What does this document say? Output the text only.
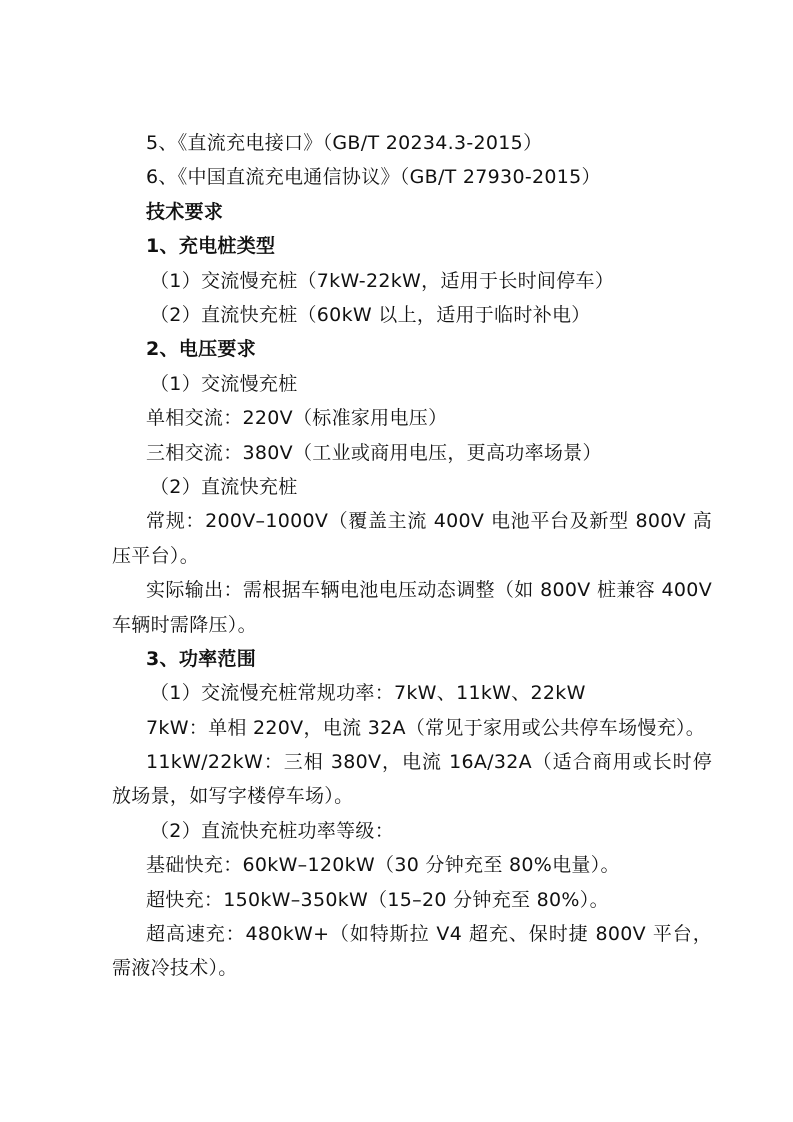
5、《直流充电接口》（GB/T 20234.3-2015）
6、《中国直流充电通信协议》（GB/T 27930-2015）
技术要求
1、充电桩类型
（1）交流慢充桩（7kW-22kW，适用于长时间停车）
（2）直流快充桩（60kW 以上，适用于临时补电）
2、电压要求
（1）交流慢充桩
单相交流：220V（标准家用电压）
三相交流：380V（工业或商用电压，更高功率场景）
（2）直流快充桩
常规：200V–1000V（覆盖主流 400V 电池平台及新型 800V 高压平台）。
实际输出：需根据车辆电池电压动态调整（如 800V 桩兼容 400V 车辆时需降压）。
3、功率范围
（1）交流慢充桩常规功率：7kW、11kW、22kW
7kW：单相 220V，电流 32A（常见于家用或公共停车场慢充）。
11kW/22kW：三相 380V，电流 16A/32A（适合商用或长时停放场景，如写字楼停车场）。
（2）直流快充桩功率等级：
基础快充：60kW–120kW（30 分钟充至 80%电量）。
超快充：150kW–350kW（15–20 分钟充至 80%）。
超高速充：480kW+（如特斯拉 V4 超充、保时捷 800V 平台，需液冷技术）。
